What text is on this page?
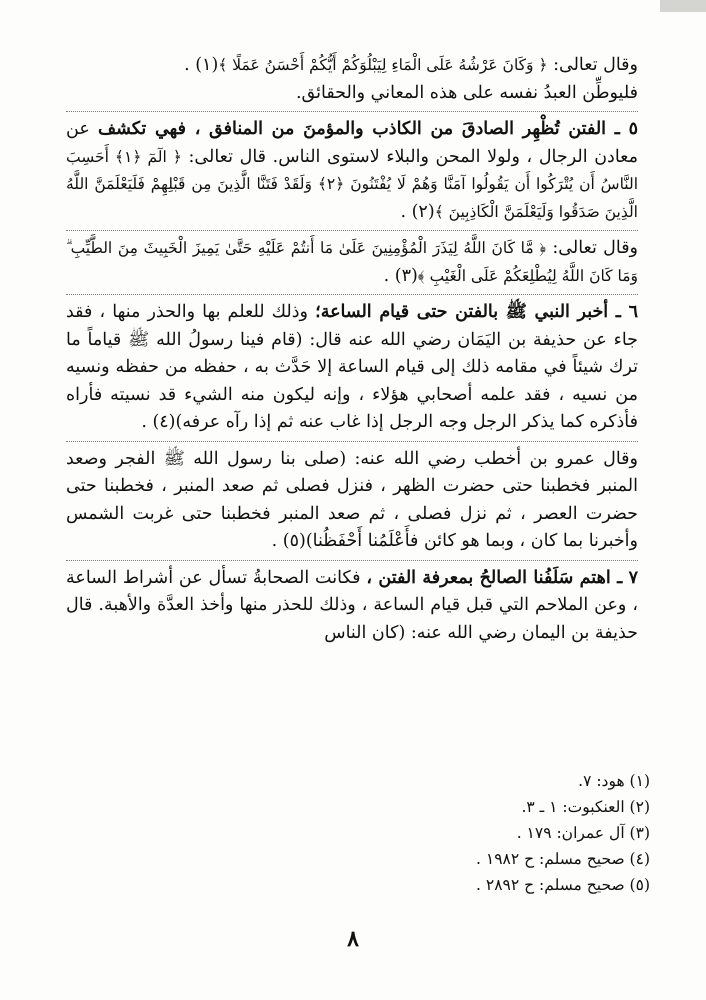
وقال تعالى: ﴿ وَكَانَ عَرْشُهُ عَلَى الْمَاءِ لِيَبْلُوَكُمْ أَيُّكُمْ أَحْسَنُ عَمَلًا ﴾(١) .

فليوطِّن العبدُ نفسه على هذه المعاني والحقائق.

٥ ـ الفتن تُظْهِر الصادقَ من الكاذب والمؤمنَ من المنافق ، فهي تكشف عن معادن الرجال ، ولولا المحن والبلاء لاستوى الناس. قال تعالى: ﴿ الٓمٓ ﴿١﴾ أَحَسِبَ النَّاسُ أَن يُتْرَكُوا أَن يَقُولُوا آمَنَّا وَهُمْ لَا يُفْتَنُونَ ﴿٢﴾ وَلَقَدْ فَتَنَّا الَّذِينَ مِن قَبْلِهِمْ فَلَيَعْلَمَنَّ اللَّهُ الَّذِينَ صَدَقُوا وَلَيَعْلَمَنَّ الْكَاذِبِينَ ﴾(٢) .

وقال تعالى: ﴿ مَّا كَانَ اللَّهُ لِيَذَرَ الْمُؤْمِنِينَ عَلَىٰ مَا أَنتُمْ عَلَيْهِ حَتَّىٰ يَمِيزَ الْخَبِيثَ مِنَ الطَّيِّبِ ۗ وَمَا كَانَ اللَّهُ لِيُطْلِعَكُمْ عَلَى الْغَيْبِ ﴾(٣) .

٦ ـ أخبر النبي ﷺ بالفتن حتى قيام الساعة؛ وذلك للعلم بها والحذر منها ، فقد جاء عن حذيفة بن اليَمَان رضي الله عنه قال: (قام فينا رسولُ الله ﷺ قياماً ما ترك شيئاً في مقامه ذلك إلى قيام الساعة إلا حَدَّث به ، حفظه من حفظه ونسيه من نسيه ، فقد علمه أصحابي هؤلاء ، وإنه ليكون منه الشيء قد نسيته فأراه فأذكره كما يذكر الرجل وجه الرجل إذا غاب عنه ثم إذا رآه عرفه)(٤) .

وقال عمرو بن أخطب رضي الله عنه: (صلى بنا رسول الله ﷺ الفجر وصعد المنبر فخطبنا حتى حضرت الظهر ، فنزل فصلى ثم صعد المنبر ، فخطبنا حتى حضرت العصر ، ثم نزل فصلى ، ثم صعد المنبر فخطبنا حتى غربت الشمس وأخبرنا بما كان ، وبما هو كائن فأَعْلَمُنا أَحْفَظُنا)(٥) .

٧ ـ اهتم سَلَفُنا الصالحُ بمعرفة الفتن ، فكانت الصحابةُ تسأل عن أشراط الساعة ، وعن الملاحم التي قبل قيام الساعة ، وذلك للحذر منها وأخذ العدَّة والأهبة. قال حذيفة بن اليمان رضي الله عنه: (كان الناس

(١) هود: ٧.
(٢) العنكبوت: ١ ـ ٣.
(٣) آل عمران: ١٧٩ .
(٤) صحيح مسلم: ح ١٩٨٢ .
(٥) صحيح مسلم: ح ٢٨٩٢ .
٨
